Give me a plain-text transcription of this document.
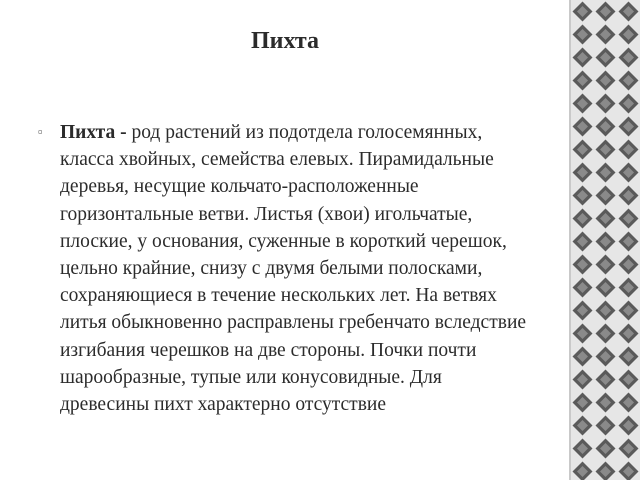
Пихта
▫ Пихта - род растений из подотдела голосемянных, класса хвойных, семейства елевых. Пирамидальные деревья, несущие кольчато-расположенные горизонтальные ветви. Листья (хвои) игольчатые, плоские, у основания, суженные в короткий черешок, цельно крайние, снизу с двумя белыми полосками, сохраняющиеся в течение нескольких лет. На ветвях литья обыкновенно расправлены гребенчато вследствие изгибания черешков на две стороны. Почки почти шарообразные, тупые или конусовидные. Для древесины пихт характерно отсутствие
